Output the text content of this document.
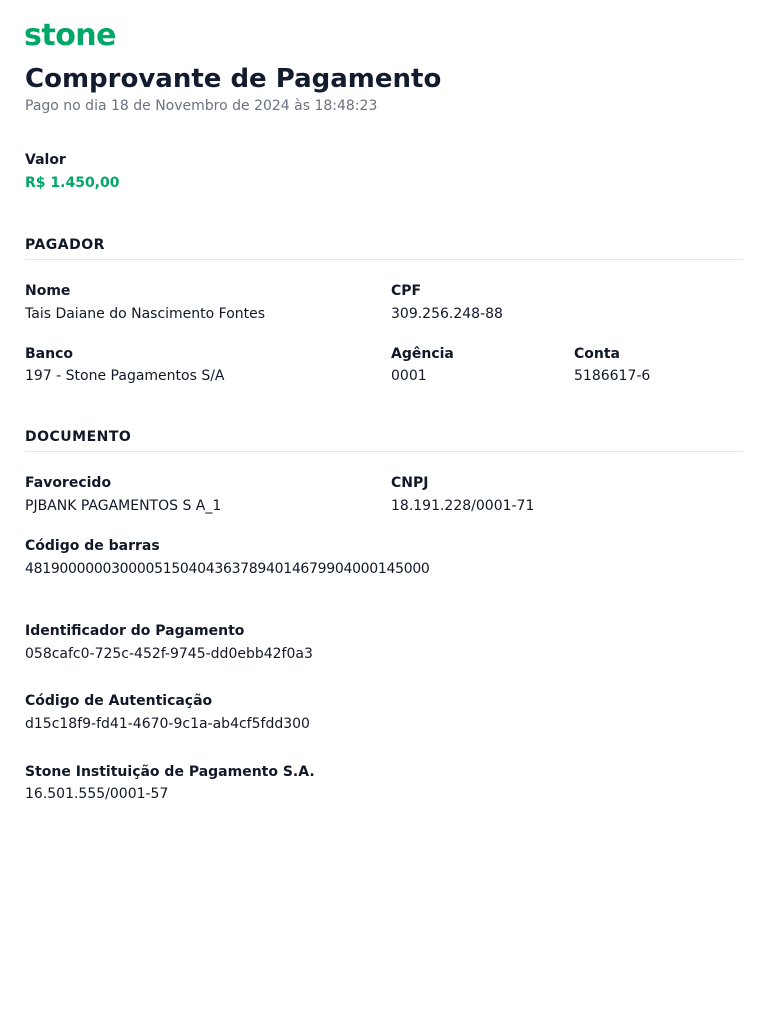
stone
Comprovante de Pagamento
Pago no dia 18 de Novembro de 2024 às 18:48:23
Valor
R$ 1.450,00
PAGADOR
Nome
Tais Daiane do Nascimento Fontes
CPF
309.256.248-88
Banco
197 - Stone Pagamentos S/A
Agência
0001
Conta
5186617-6
DOCUMENTO
Favorecido
PJBANK PAGAMENTOS S A_1
CNPJ
18.191.228/0001-71
Código de barras
48190000003000051504043637894014679904000145000
Identificador do Pagamento
058cafc0-725c-452f-9745-dd0ebb42f0a3
Código de Autenticação
d15c18f9-fd41-4670-9c1a-ab4cf5fdd300
Stone Instituição de Pagamento S.A.
16.501.555/0001-57
